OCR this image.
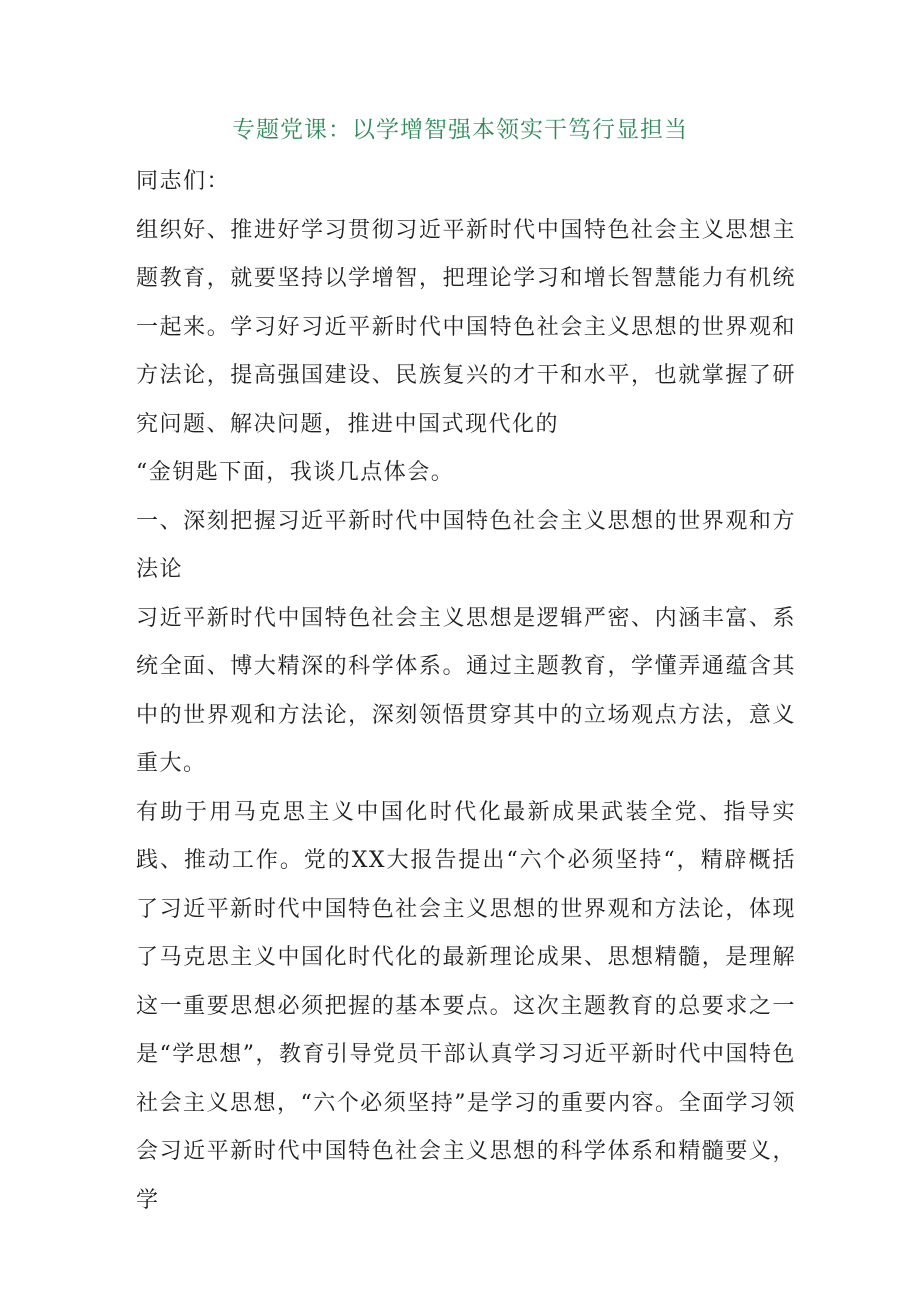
专题党课：以学增智强本领实干笃行显担当

同志们：

组织好、推进好学习贯彻习近平新时代中国特色社会主义思想主题教育，就要坚持以学增智，把理论学习和增长智慧能力有机统一起来。学习好习近平新时代中国特色社会主义思想的世界观和方法论，提高强国建设、民族复兴的才干和水平，也就掌握了研究问题、解决问题，推进中国式现代化的

“金钥匙下面，我谈几点体会。

一、深刻把握习近平新时代中国特色社会主义思想的世界观和方法论

习近平新时代中国特色社会主义思想是逻辑严密、内涵丰富、系统全面、博大精深的科学体系。通过主题教育，学懂弄通蕴含其中的世界观和方法论，深刻领悟贯穿其中的立场观点方法，意义重大。

有助于用马克思主义中国化时代化最新成果武装全党、指导实践、推动工作。党的XX大报告提出“六个必须坚持“，精辟概括了习近平新时代中国特色社会主义思想的世界观和方法论，体现了马克思主义中国化时代化的最新理论成果、思想精髓，是理解这一重要思想必须把握的基本要点。这次主题教育的总要求之一是“学思想”，教育引导党员干部认真学习习近平新时代中国特色社会主义思想，“六个必须坚持”是学习的重要内容。全面学习领会习近平新时代中国特色社会主义思想的科学体系和精髓要义，学
